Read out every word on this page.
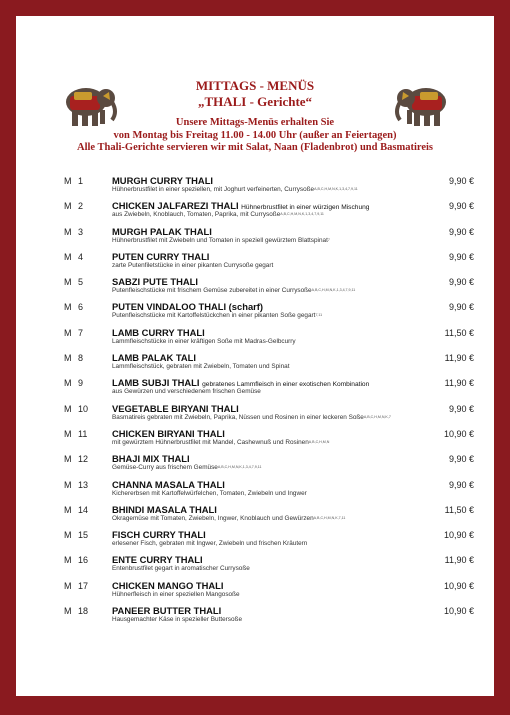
MITTAGS - MENÜS
„THALI - Gerichte“
Unsere Mittags-Menüs erhalten Sie
von Montag bis Freitag 11.00 - 14.00 Uhr (außer an Feiertagen)
Alle Thali-Gerichte servieren wir mit Salat, Naan (Fladenbrot) und Basmatireis
M 1	MURGH CURRY THALI
Hühnerbrustfilet in einer speziellen, mit Joghurt verfeinerten, Currysoße$^{A,B,C,H,M,N,K,1,3,4,7,9,11}$
9,90 €
M 2	CHICKEN JALFAREZI THALI Hühnerbrustfilet in einer würzigen Mischung
aus Zwiebeln, Knoblauch, Tomaten, Paprika, mit Currysoße$^{A,B,C,H,M,N,K,1,3,4,7,9,11}$
9,90 €
M 3	MURGH PALAK THALI
Hühnerbrustfilet mit Zwiebeln und Tomaten in speziell gewürztem Blattspinat$^7$
9,90 €
M 4	PUTEN CURRY THALI
zarte Putenfiletstücke in einer pikanten Currysoße gegart
9,90 €
M 5	SABZI PUTE THALI
Putenfleischstücke mit frischem Gemüse zubereitet in einer Currysoße$^{A,B,C,H,M,N,K,1,3,4,7,9,11}$
9,90 €
M 6	PUTEN VINDALOO THALI (scharf)
Putenfleischstücke mit Kartoffelstückchen in einer pikanten Soße gegart$^{7,11}$
9,90 €
M 7	LAMB CURRY THALI
Lammfleischstücke in einer kräftigen Soße mit Madras-Gelbcurry
11,50 €
M 8	LAMB PALAK TALI
Lammfleischstück, gebraten mit Zwiebeln, Tomaten und Spinat
11,90 €
M 9	LAMB SUBJI THALI gebratenes Lammfleisch in einer exotischen Kombination
aus Gewürzen und verschiedenem frischen Gemüse
11,90 €
M 10	VEGETABLE BIRYANI THALI
Basmatireis gebraten mit Zwiebeln, Paprika, Nüssen und Rosinen in einer leckeren Soße$^{A,B,C,H,M,N,K,7}$
9,90 €
M 11	CHICKEN BIRYANI THALI
mit gewürztem Hühnerbrustfilet mit Mandel, Cashewnuß und Rosinen$^{A,B,C,H,M,N}$
10,90 €
M 12	BHAJI MIX THALI
Gemüse-Curry aus frischem Gemüse$^{A,B,C,H,M,N,K,1,3,4,7,9,11}$
9,90 €
M 13	CHANNA MASALA THALI
Kichererbsen mit Kartoffelwürfelchen, Tomaten, Zwiebeln und Ingwer
9,90 €
M 14	BHINDI MASALA THALI
Okragemüse mit Tomaten, Zwiebeln, Ingwer, Knoblauch und Gewürzen$^{A,B,C,H,M,N,K,7,11}$
11,50 €
M 15	FISCH CURRY THALI
erlesener Fisch, gebraten mit Ingwer, Zwiebeln und frischen Kräutern
10,90 €
M 16	ENTE CURRY THALI
Entenbrustfilet gegart in aromatischer Currysoße
11,90 €
M 17	CHICKEN MANGO THALI
Hühnerfleisch in einer speziellen Mangosoße
10,90 €
M 18	PANEER BUTTER THALI
Hausgemachter Käse in spezieller Buttersoße
10,90 €
